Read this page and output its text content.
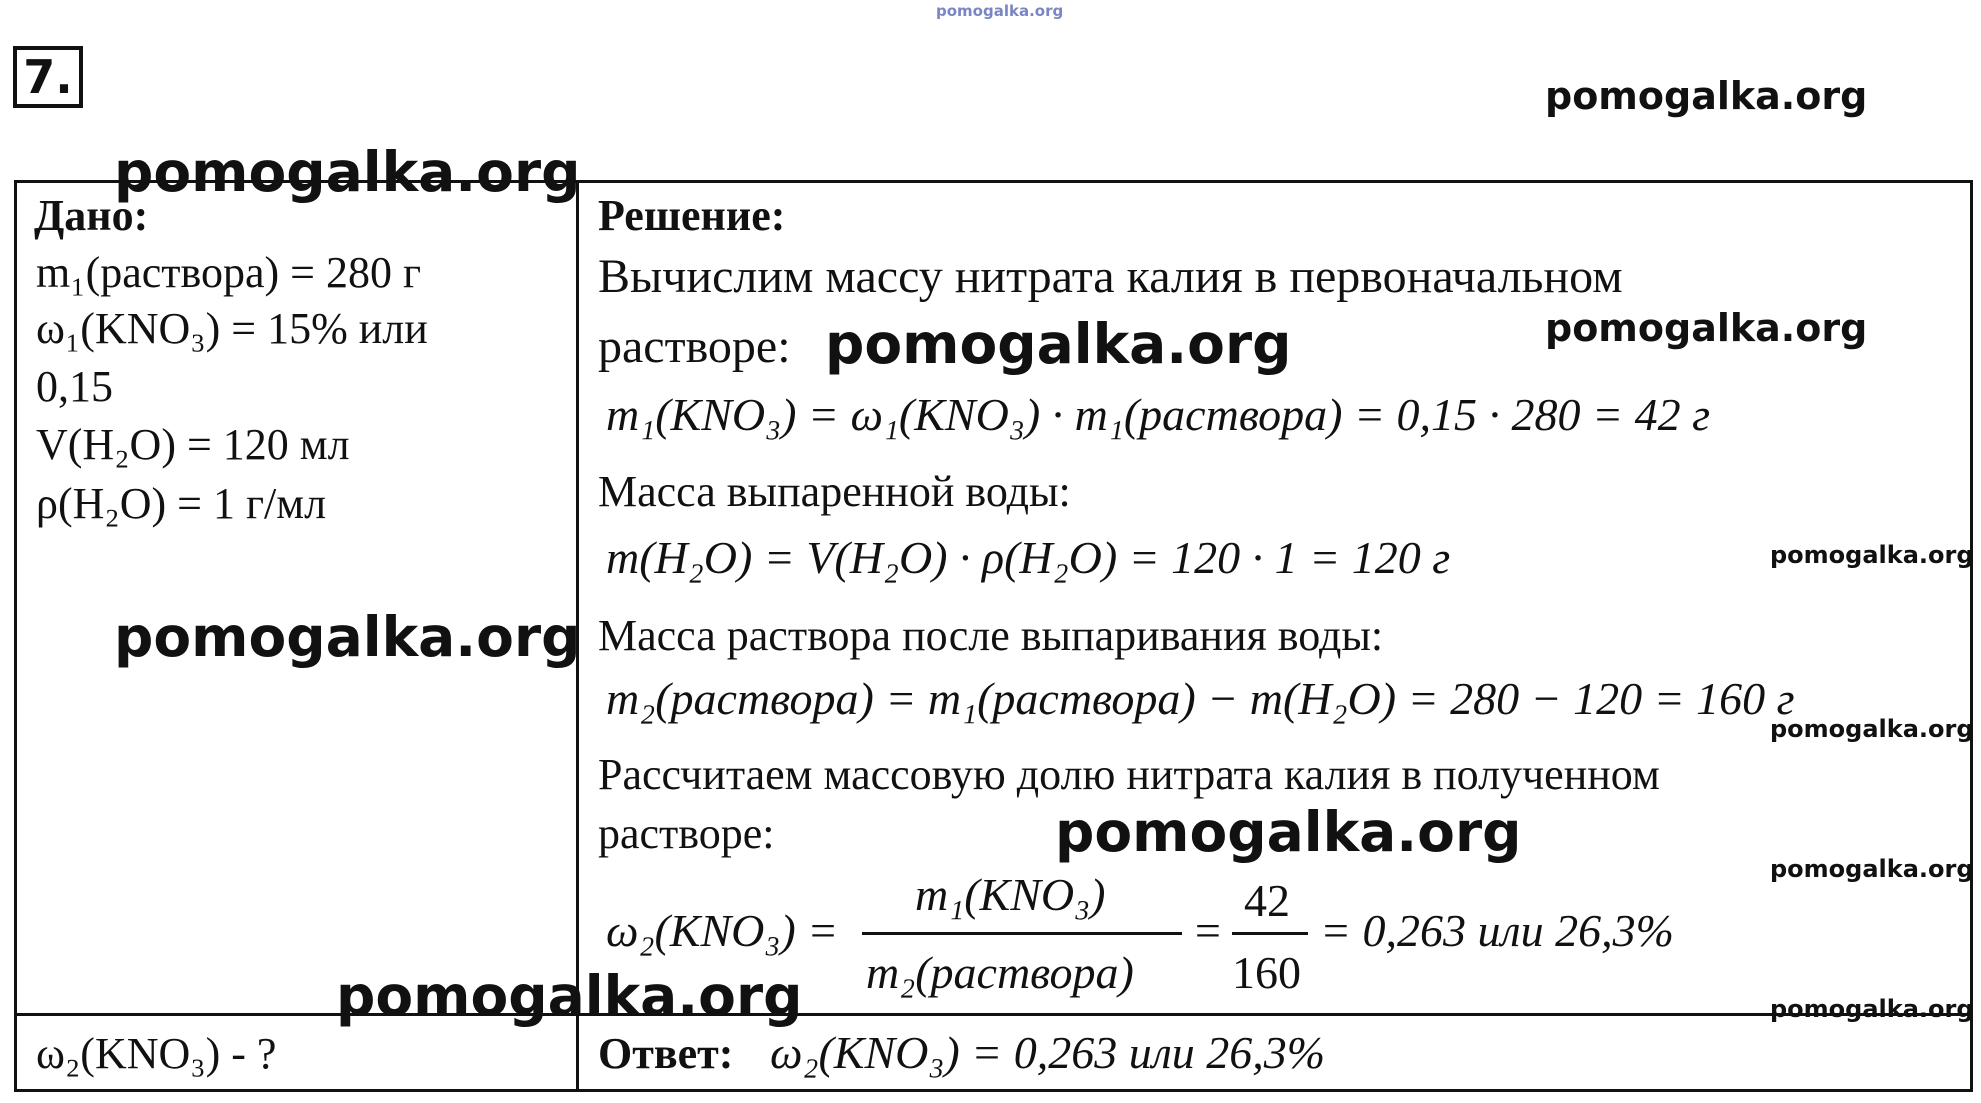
pomogalka.org
pomogalka.org
7.
Дано:
m₁(раствора) = 280 г
ω₁(KNO₃) = 15% или
0,15
V(H₂O) = 120 мл
ρ(H₂O) = 1 г/мл
ω₂(KNO₃) - ?
Решение:
Вычислим массу нитрата калия в первоначальном
растворе:
m₁(KNO₃) = ω₁(KNO₃) · m₁(раствора) = 0,15 · 280 = 42 г
Масса выпаренной воды:
m(H₂O) = V(H₂O) · ρ(H₂O) = 120 · 1 = 120 г
Масса раствора после выпаривания воды:
m₂(раствора) = m₁(раствора) − m(H₂O) = 280 − 120 = 160 г
Рассчитаем массовую долю нитрата калия в полученном
растворе:
ω₂(KNO₃) =
m₁(KNO₃)
m₂(раствора)
=
42
160
= 0,263 или 26,3%
Ответ: ω₂(KNO₃) = 0,263 или 26,3%
pomogalka.org
pomogalka.org	pomogalka.org
pomogalka.org
pomogalka.org
pomogalka.org
pomogalka.org
pomogalka.org
pomogalka.org	pomogalka.org
